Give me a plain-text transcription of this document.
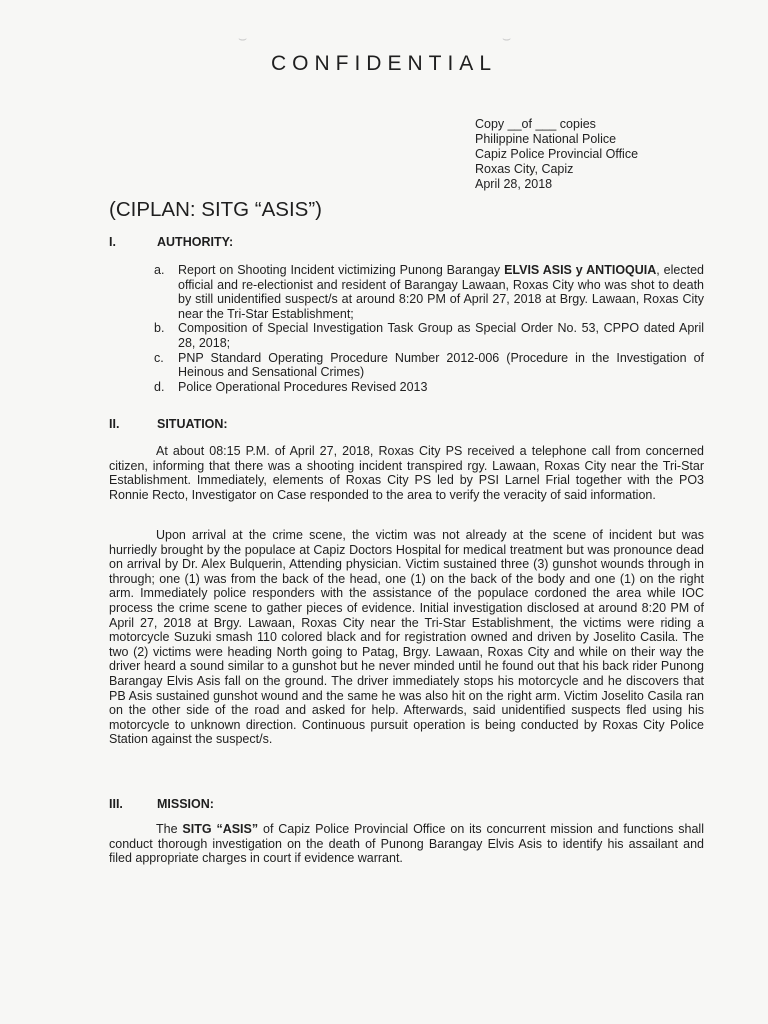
⌣	⌣
CONFIDENTIAL
Copy __of ___ copies
Philippine National Police
Capiz Police Provincial Office
Roxas City, Capiz
April 28, 2018
(CIPLAN: SITG “ASIS”)
I.	AUTHORITY:
a.	Report on Shooting Incident victimizing Punong Barangay ELVIS ASIS y ANTIOQUIA, elected official and re-electionist and resident of Barangay Lawaan, Roxas City who was shot to death by still unidentified suspect/s at around 8:20 PM of April 27, 2018 at Brgy. Lawaan, Roxas City near the Tri-Star Establishment;
b.	Composition of Special Investigation Task Group as Special Order No. 53, CPPO dated April 28, 2018;
c.	PNP Standard Operating Procedure Number 2012-006 (Procedure in the Investigation of Heinous and Sensational Crimes)
d.	Police Operational Procedures Revised 2013
II.	SITUATION:

At about 08:15 P.M. of April 27, 2018, Roxas City PS received a telephone call from concerned citizen, informing that there was a shooting incident transpired rgy. Lawaan, Roxas City near the Tri-Star Establishment. Immediately, elements of Roxas City PS led by PSI Larnel Frial together with the PO3 Ronnie Recto, Investigator on Case responded to the area to verify the veracity of said information.

Upon arrival at the crime scene, the victim was not already at the scene of incident but was hurriedly brought by the populace at Capiz Doctors Hospital for medical treatment but was pronounce dead on arrival by Dr. Alex Bulquerin, Attending physician. Victim sustained three (3) gunshot wounds through in through; one (1) was from the back of the head, one (1) on the back of the body and one (1) on the right arm. Immediately police responders with the assistance of the populace cordoned the area while IOC process the crime scene to gather pieces of evidence. Initial investigation disclosed at around 8:20 PM of April 27, 2018 at Brgy. Lawaan, Roxas City near the Tri-Star Establishment, the victims were riding a motorcycle Suzuki smash 110 colored black and for registration owned and driven by Joselito Casila. The two (2) victims were heading North going to Patag, Brgy. Lawaan, Roxas City and while on their way the driver heard a sound similar to a gunshot but he never minded until he found out that his back rider Punong Barangay Elvis Asis fall on the ground. The driver immediately stops his motorcycle and he discovers that PB Asis sustained gunshot wound and the same he was also hit on the right arm. Victim Joselito Casila ran on the other side of the road and asked for help. Afterwards, said unidentified suspects fled using his motorcycle to unknown direction. Continuous pursuit operation is being conducted by Roxas City Police Station against the suspect/s.

III.	MISSION:

The SITG “ASIS” of Capiz Police Provincial Office on its concurrent mission and functions shall conduct thorough investigation on the death of Punong Barangay Elvis Asis to identify his assailant and filed appropriate charges in court if evidence warrant.
